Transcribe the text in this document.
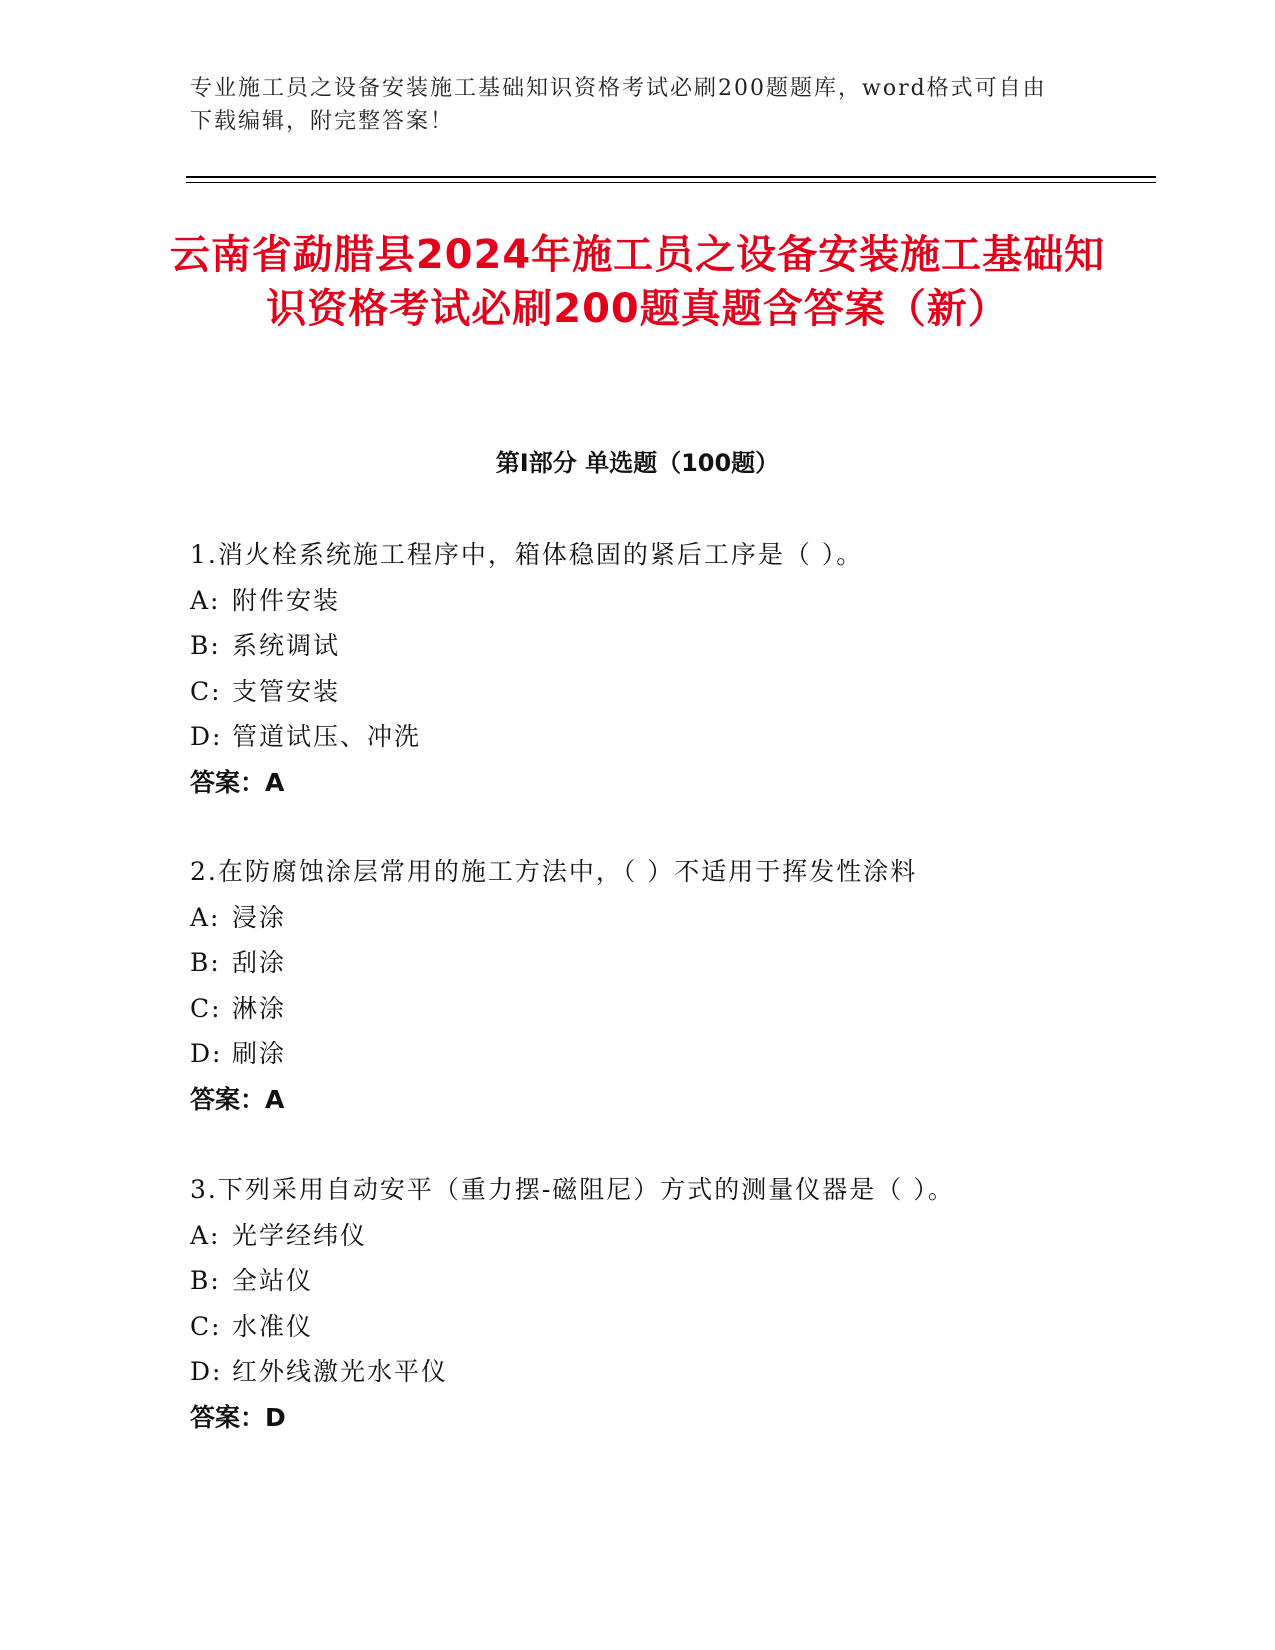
专业施工员之设备安装施工基础知识资格考试必刷200题题库，word格式可自由下载编辑，附完整答案！
云南省勐腊县2024年施工员之设备安装施工基础知识资格考试必刷200题真题含答案（新）
第I部分 单选题（100题）
1.消火栓系统施工程序中，箱体稳固的紧后工序是（ ）。
A: 附件安装
B: 系统调试
C: 支管安装
D: 管道试压、冲洗
答案：A
2.在防腐蚀涂层常用的施工方法中，（ ）不适用于挥发性涂料
A: 浸涂
B: 刮涂
C: 淋涂
D: 刷涂
答案：A
3.下列采用自动安平（重力摆-磁阻尼）方式的测量仪器是（ ）。
A: 光学经纬仪
B: 全站仪
C: 水准仪
D: 红外线激光水平仪
答案：D
